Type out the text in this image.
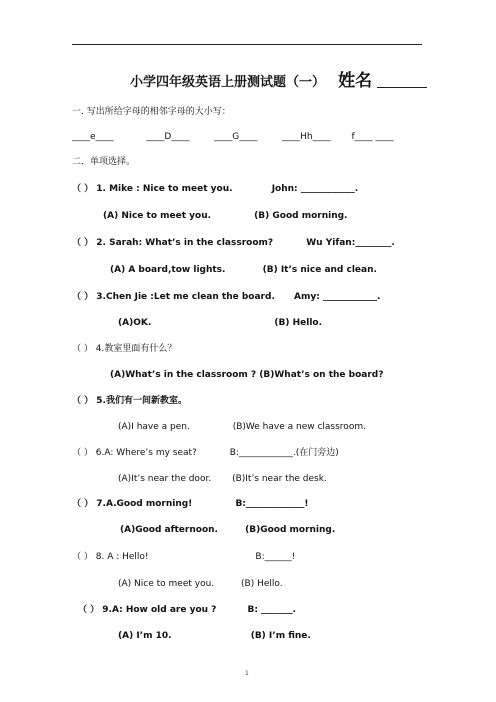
小学四年级英语上册测试题（一） 姓名
一. 写出所给字母的相邻字母的大小写：
____e____	____D____	____G____	____Hh____ f____ ____
二．单项选择。
（ ） 1. Mike : Nice to meet you.	John: ____________.
(A) Nice to meet you.	(B) Good morning.
（ ） 2. Sarah: What’s in the classroom?	Wu Yifan:________.
(A) A board,tow lights.	(B) It’s nice and clean.
（ ） 3.Chen Jie :Let me clean the board. Amy: ____________.
(A)OK.	(B) Hello.
（ ） 4.教室里面有什么？
(A)What’s in the classroom ? (B)What’s on the board?
（ ） 5.我们有一间新教室。
(A)I have a pen.	(B)We have a new classroom.
（ ） 6.A: Where’s my seat?	B:____________.(在门旁边)
(A)It’s near the door. (B)It’s near the desk.
（ ） 7.A.Good morning!	B:_____________!
(A)Good afternoon.	(B)Good morning.
（ ） 8. A : Hello!	B:______!
(A) Nice to meet you.	(B) Hello.
（ ） 9.A: How old are you ?	B: _______.
(A) I’m 10.	(B) I’m fine.
1
